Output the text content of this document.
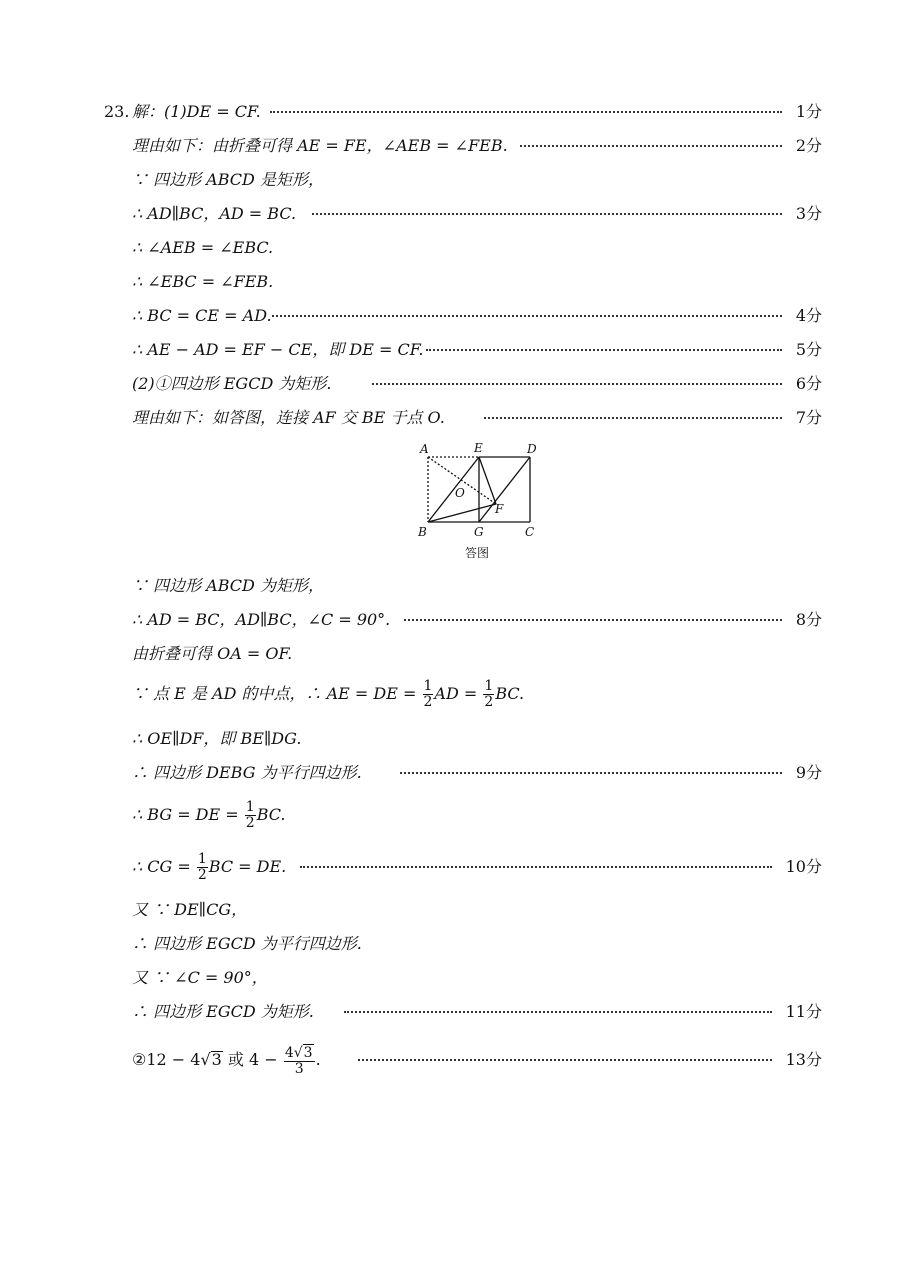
23. 解：(1)DE = CF.	1分
理由如下：由折叠可得 AE = FE，∠AEB = ∠FEB.	2分
∵ 四边形 ABCD 是矩形，
∴ AD∥BC，AD = BC.	3分
∴ ∠AEB = ∠EBC.
∴ ∠EBC = ∠FEB.
∴ BC = CE = AD.	4分
∴ AE − AD = EF − CE，即 DE = CF.	5分
(2)①四边形 EGCD 为矩形.	6分
理由如下：如答图，连接 AF 交 BE 于点 O.	7分
A	E	D
O
F
B	G	C
答图
∵ 四边形 ABCD 为矩形，
∴ AD = BC，AD∥BC，∠C = 90°.	8分
由折叠可得 OA = OF.
∵ 点 E 是 AD 的中点，∴ AE = DE = $\frac{1}{2}$ AD = $\frac{1}{2}$ BC.
∴ OE∥DF，即 BE∥DG.
∴ 四边形 DEBG 为平行四边形.	9分
∴ BG = DE = $\frac{1}{2}$ BC.
∴ CG = $\frac{1}{2}$ BC = DE.	10分
又 ∵ DE∥CG，
∴ 四边形 EGCD 为平行四边形.
又 ∵ ∠C = 90°，
∴ 四边形 EGCD 为矩形.	11分
②12 − 4√3 或 $4 - \frac{4√3}{3}$ .	13分
